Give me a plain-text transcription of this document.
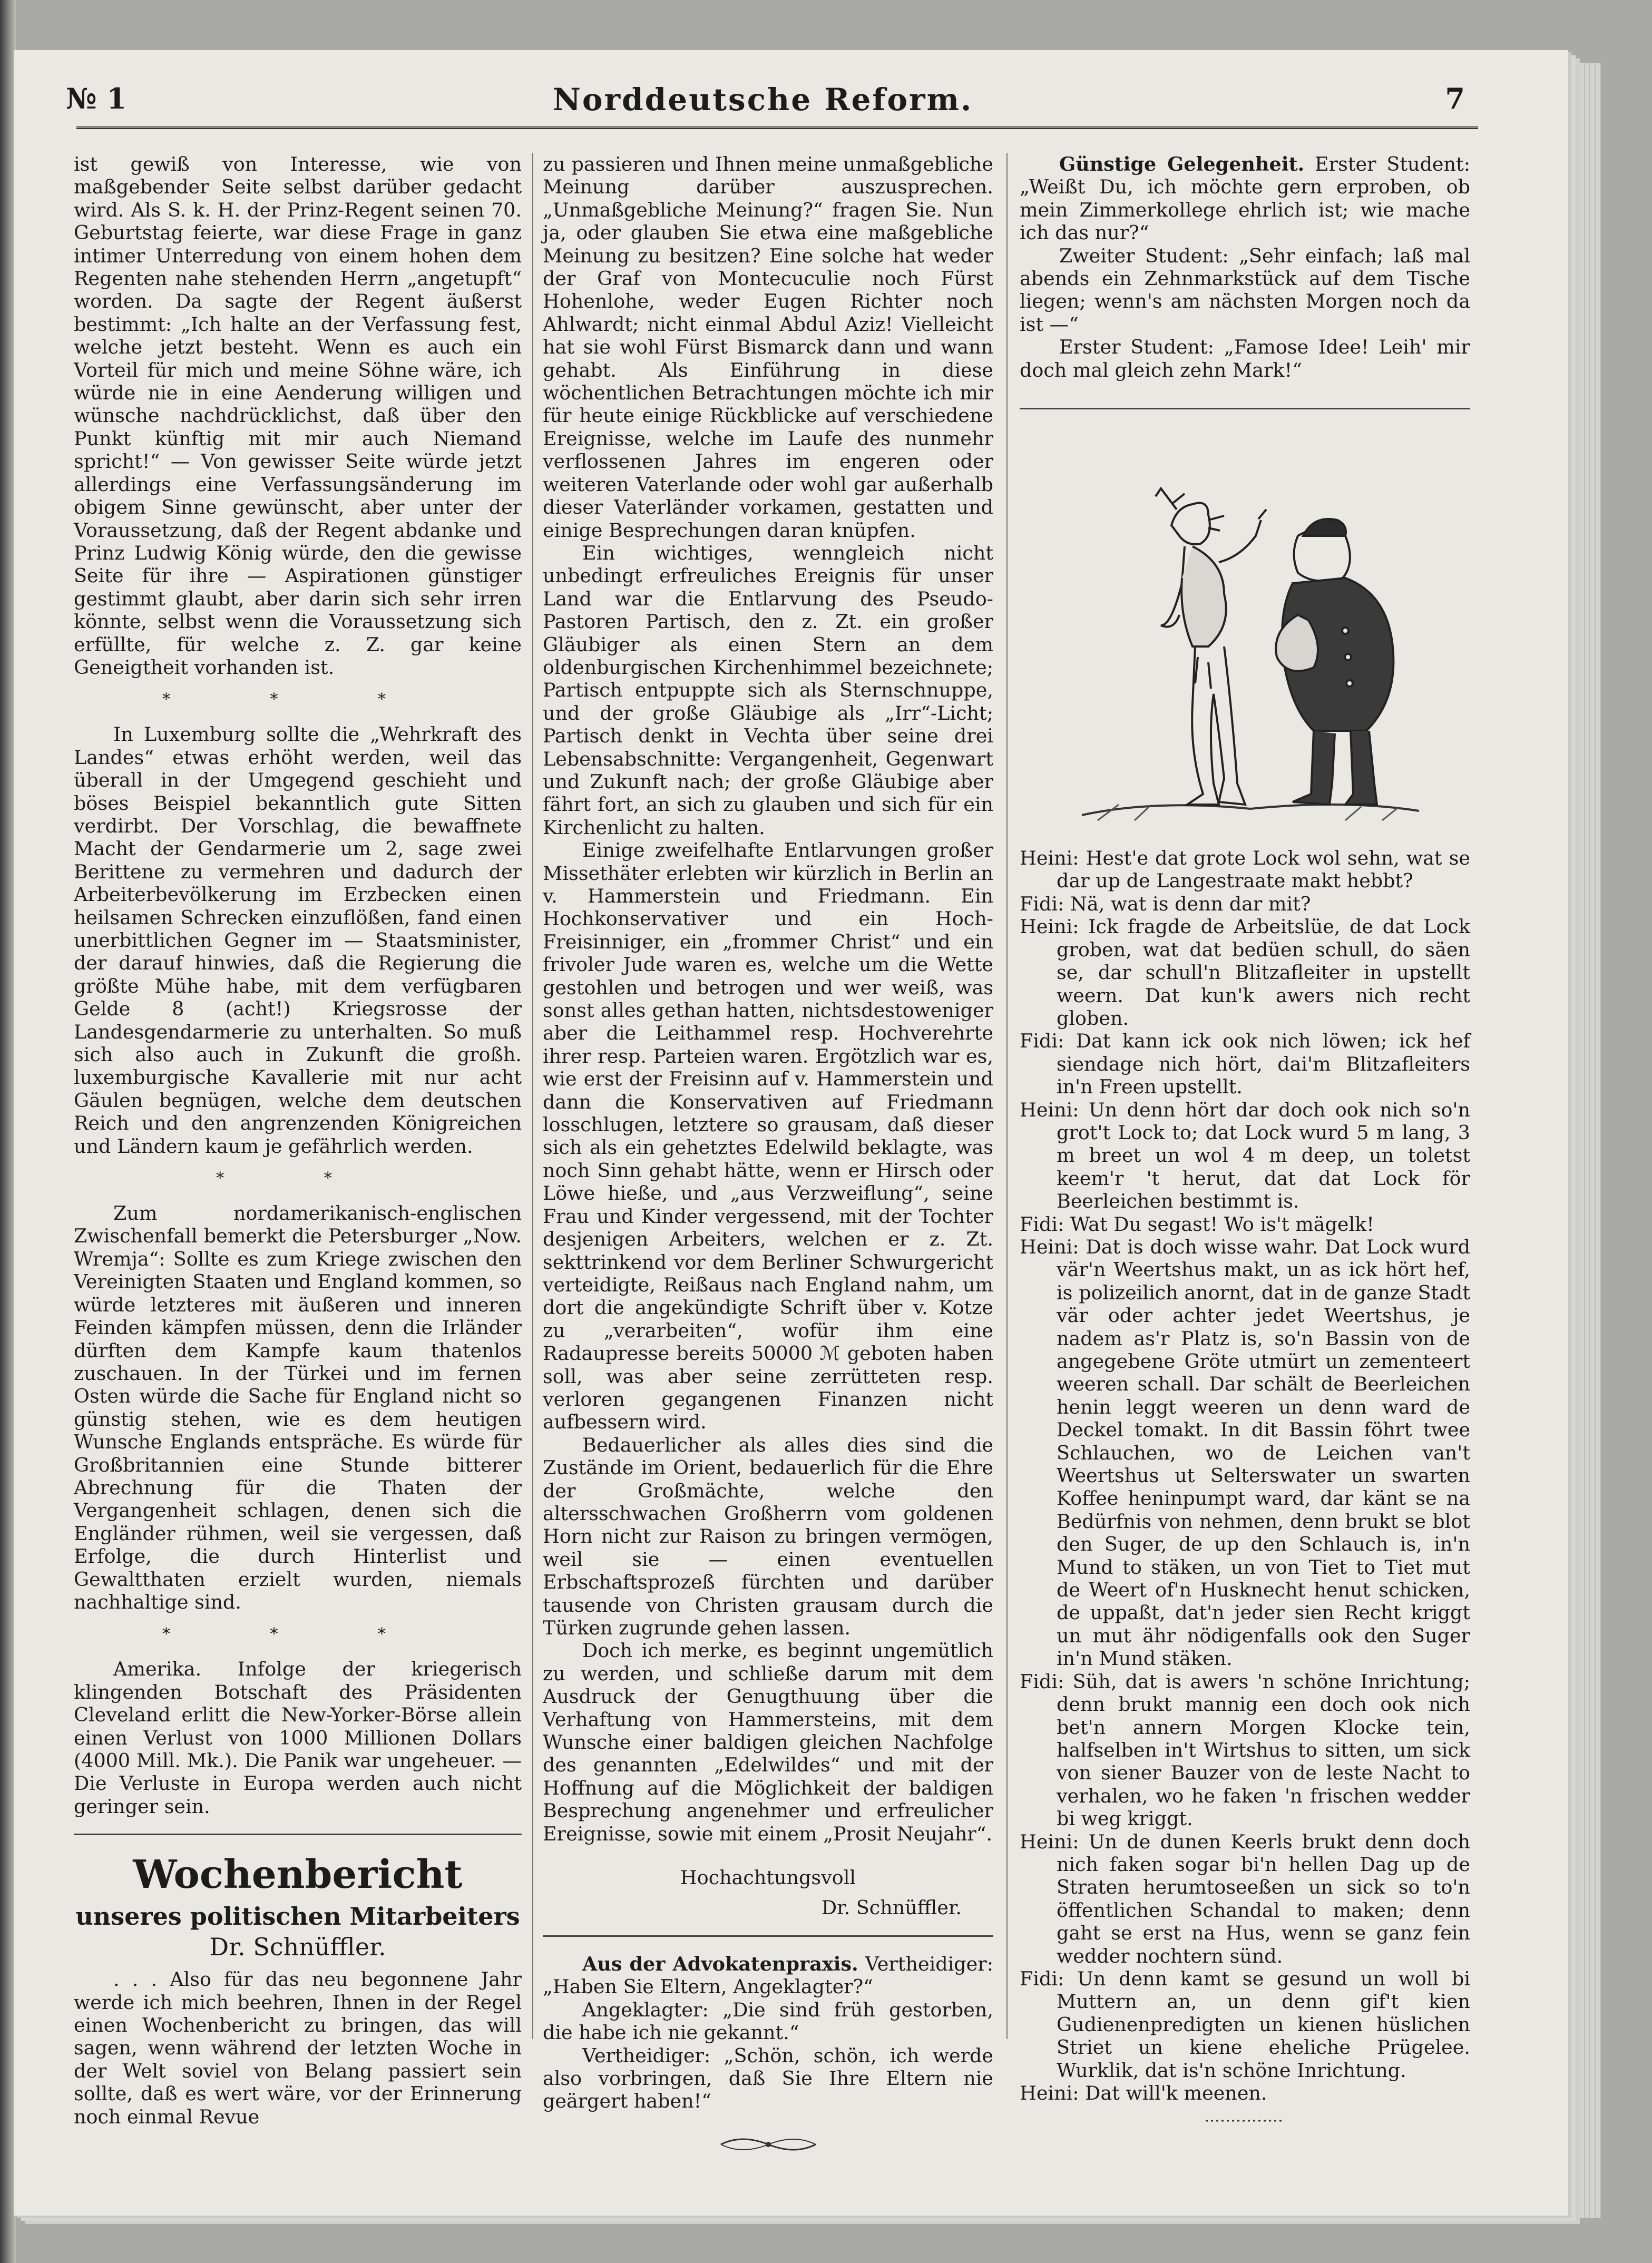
№ 1	Norddeutsche Reform.	7

ist gewiß von Interesse, wie von maßgebender Seite selbst darüber gedacht wird. Als S. k. H. der Prinz-Regent seinen 70. Geburtstag feierte, war diese Frage in ganz intimer Unterredung von einem hohen dem Regenten nahe stehenden Herrn „angetupft“ worden. Da sagte der Regent äußerst bestimmt: „Ich halte an der Verfassung fest, welche jetzt besteht. Wenn es auch ein Vorteil für mich und meine Söhne wäre, ich würde nie in eine Aenderung willigen und wünsche nachdrücklichst, daß über den Punkt künftig mit mir auch Niemand spricht!“ — Von gewisser Seite würde jetzt allerdings eine Verfassungsänderung im obigem Sinne gewünscht, aber unter der Voraussetzung, daß der Regent abdanke und Prinz Ludwig König würde, den die gewisse Seite für ihre — Aspirationen günstiger gestimmt glaubt, aber darin sich sehr irren könnte, selbst wenn die Voraussetzung sich erfüllte, für welche z. Z. gar keine Geneigtheit vorhanden ist.

* * *

In Luxemburg sollte die „Wehrkraft des Landes“ etwas erhöht werden, weil das überall in der Umgegend geschieht und böses Beispiel bekanntlich gute Sitten verdirbt. Der Vorschlag, die bewaffnete Macht der Gendarmerie um 2, sage zwei Berittene zu vermehren und dadurch der Arbeiterbevölkerung im Erzbecken einen heilsamen Schrecken einzuflößen, fand einen unerbittlichen Gegner im — Staatsminister, der darauf hinwies, daß die Regierung die größte Mühe habe, mit dem verfügbaren Gelde 8 (acht!) Kriegsrosse der Landesgendarmerie zu unterhalten. So muß sich also auch in Zukunft die großh. luxemburgische Kavallerie mit nur acht Gäulen begnügen, welche dem deutschen Reich und den angrenzenden Königreichen und Ländern kaum je gefährlich werden.

* *

Zum nordamerikanisch-englischen Zwischenfall bemerkt die Petersburger „Now. Wremja“: Sollte es zum Kriege zwischen den Vereinigten Staaten und England kommen, so würde letzteres mit äußeren und inneren Feinden kämpfen müssen, denn die Irländer dürften dem Kampfe kaum thatenlos zuschauen. In der Türkei und im fernen Osten würde die Sache für England nicht so günstig stehen, wie es dem heutigen Wunsche Englands entspräche. Es würde für Großbritannien eine Stunde bitterer Abrechnung für die Thaten der Vergangenheit schlagen, denen sich die Engländer rühmen, weil sie vergessen, daß Erfolge, die durch Hinterlist und Gewaltthaten erzielt wurden, niemals nachhaltige sind.

* * *

Amerika. Infolge der kriegerisch klingenden Botschaft des Präsidenten Cleveland erlitt die New-Yorker-Börse allein einen Verlust von 1000 Millionen Dollars (4000 Mill. Mk.). Die Panik war ungeheuer. — Die Verluste in Europa werden auch nicht geringer sein.

Wochenbericht
unseres politischen Mitarbeiters
Dr. Schnüffler.

. . . Also für das neu begonnene Jahr werde ich mich beehren, Ihnen in der Regel einen Wochenbericht zu bringen, das will sagen, wenn während der letzten Woche in der Welt soviel von Belang passiert sein sollte, daß es wert wäre, vor der Erinnerung noch einmal Revue

zu passieren und Ihnen meine unmaßgebliche Meinung darüber auszusprechen. „Unmaßgebliche Meinung?“ fragen Sie. Nun ja, oder glauben Sie etwa eine maßgebliche Meinung zu besitzen? Eine solche hat weder der Graf von Montecuculie noch Fürst Hohenlohe, weder Eugen Richter noch Ahlwardt; nicht einmal Abdul Aziz! Vielleicht hat sie wohl Fürst Bismarck dann und wann gehabt. Als Einführung in diese wöchentlichen Betrachtungen möchte ich mir für heute einige Rückblicke auf verschiedene Ereignisse, welche im Laufe des nunmehr verflossenen Jahres im engeren oder weiteren Vaterlande oder wohl gar außerhalb dieser Vaterländer vorkamen, gestatten und einige Besprechungen daran knüpfen.

Ein wichtiges, wenngleich nicht unbedingt erfreuliches Ereignis für unser Land war die Entlarvung des Pseudo-Pastoren Partisch, den z. Zt. ein großer Gläubiger als einen Stern an dem oldenburgischen Kirchenhimmel bezeichnete; Partisch entpuppte sich als Sternschnuppe, und der große Gläubige als „Irr“-Licht; Partisch denkt in Vechta über seine drei Lebensabschnitte: Vergangenheit, Gegenwart und Zukunft nach; der große Gläubige aber fährt fort, an sich zu glauben und sich für ein Kirchenlicht zu halten.

Einige zweifelhafte Entlarvungen großer Missethäter erlebten wir kürzlich in Berlin an v. Hammerstein und Friedmann. Ein Hochkonservativer und ein Hoch-Freisinniger, ein „frommer Christ“ und ein frivoler Jude waren es, welche um die Wette gestohlen und betrogen und wer weiß, was sonst alles gethan hatten, nichtsdestoweniger aber die Leithammel resp. Hochverehrte ihrer resp. Parteien waren. Ergötzlich war es, wie erst der Freisinn auf v. Hammerstein und dann die Konservativen auf Friedmann losschlugen, letztere so grausam, daß dieser sich als ein gehetztes Edelwild beklagte, was noch Sinn gehabt hätte, wenn er Hirsch oder Löwe hieße, und „aus Verzweiflung“, seine Frau und Kinder vergessend, mit der Tochter desjenigen Arbeiters, welchen er z. Zt. sekttrinkend vor dem Berliner Schwurgericht verteidigte, Reißaus nach England nahm, um dort die angekündigte Schrift über v. Kotze zu „verarbeiten“, wofür ihm eine Radaupresse bereits 50000 ℳ geboten haben soll, was aber seine zerrütteten resp. verloren gegangenen Finanzen nicht aufbessern wird.

Bedauerlicher als alles dies sind die Zustände im Orient, bedauerlich für die Ehre der Großmächte, welche den altersschwachen Großherrn vom goldenen Horn nicht zur Raison zu bringen vermögen, weil sie — einen eventuellen Erbschaftsprozeß fürchten und darüber tausende von Christen grausam durch die Türken zugrunde gehen lassen.

Doch ich merke, es beginnt ungemütlich zu werden, und schließe darum mit dem Ausdruck der Genugthuung über die Verhaftung von Hammersteins, mit dem Wunsche einer baldigen gleichen Nachfolge des genannten „Edelwildes“ und mit der Hoffnung auf die Möglichkeit der baldigen Besprechung angenehmer und erfreulicher Ereignisse, sowie mit einem „Prosit Neujahr“.

Hochachtungsvoll
Dr. Schnüffler.

Aus der Advokatenpraxis. Vertheidiger: „Haben Sie Eltern, Angeklagter?“

Angeklagter: „Die sind früh gestorben, die habe ich nie gekannt.“

Vertheidiger: „Schön, schön, ich werde also vorbringen, daß Sie Ihre Eltern nie geärgert haben!“

Günstige Gelegenheit. Erster Student: „Weißt Du, ich möchte gern erproben, ob mein Zimmerkollege ehrlich ist; wie mache ich das nur?“

Zweiter Student: „Sehr einfach; laß mal abends ein Zehnmarkstück auf dem Tische liegen; wenn's am nächsten Morgen noch da ist —“

Erster Student: „Famose Idee! Leih' mir doch mal gleich zehn Mark!“

Heini: Hest'e dat grote Lock wol sehn, wat se dar up de Langestraate makt hebbt?

Fidi: Nä, wat is denn dar mit?

Heini: Ick fragde de Arbeitslüe, de dat Lock groben, wat dat bedüen schull, do säen se, dar schull'n Blitzafleiter in upstellt weern. Dat kun'k awers nich recht globen.

Fidi: Dat kann ick ook nich löwen; ick hef siendage nich hört, dai'm Blitzafleiters in'n Freen upstellt.

Heini: Un denn hört dar doch ook nich so'n grot't Lock to; dat Lock wurd 5 m lang, 3 m breet un wol 4 m deep, un toletst keem'r 't herut, dat dat Lock för Beerleichen bestimmt is.

Fidi: Wat Du segast! Wo is't mägelk!

Heini: Dat is doch wisse wahr. Dat Lock wurd vär'n Weertshus makt, un as ick hört hef, is polizeilich anornt, dat in de ganze Stadt vär oder achter jedet Weertshus, je nadem as'r Platz is, so'n Bassin von de angegebene Gröte utmürt un zementeert weeren schall. Dar schält de Beerleichen henin leggt weeren un denn ward de Deckel tomakt. In dit Bassin föhrt twee Schlauchen, wo de Leichen van't Weertshus ut Selterswater un swarten Koffee heninpumpt ward, dar känt se na Bedürfnis von nehmen, denn brukt se blot den Suger, de up den Schlauch is, in'n Mund to stäken, un von Tiet to Tiet mut de Weert of'n Husknecht henut schicken, de uppaßt, dat'n jeder sien Recht kriggt un mut ähr nödigenfalls ook den Suger in'n Mund stäken.

Fidi: Süh, dat is awers 'n schöne Inrichtung; denn brukt mannig een doch ook nich bet'n annern Morgen Klocke tein, halfselben in't Wirtshus to sitten, um sick von siener Bauzer von de leste Nacht to verhalen, wo he faken 'n frischen wedder bi weg kriggt.

Heini: Un de dunen Keerls brukt denn doch nich faken sogar bi'n hellen Dag up de Straten herumtoseeßen un sick so to'n öffentlichen Schandal to maken; denn gaht se erst na Hus, wenn se ganz fein wedder nochtern sünd.

Fidi: Un denn kamt se gesund un woll bi Muttern an, un denn gif't kien Gudienenpredigten un kienen hüslichen Striet un kiene eheliche Prügelee. Wurklik, dat is'n schöne Inrichtung.

Heini: Dat will'k meenen.
